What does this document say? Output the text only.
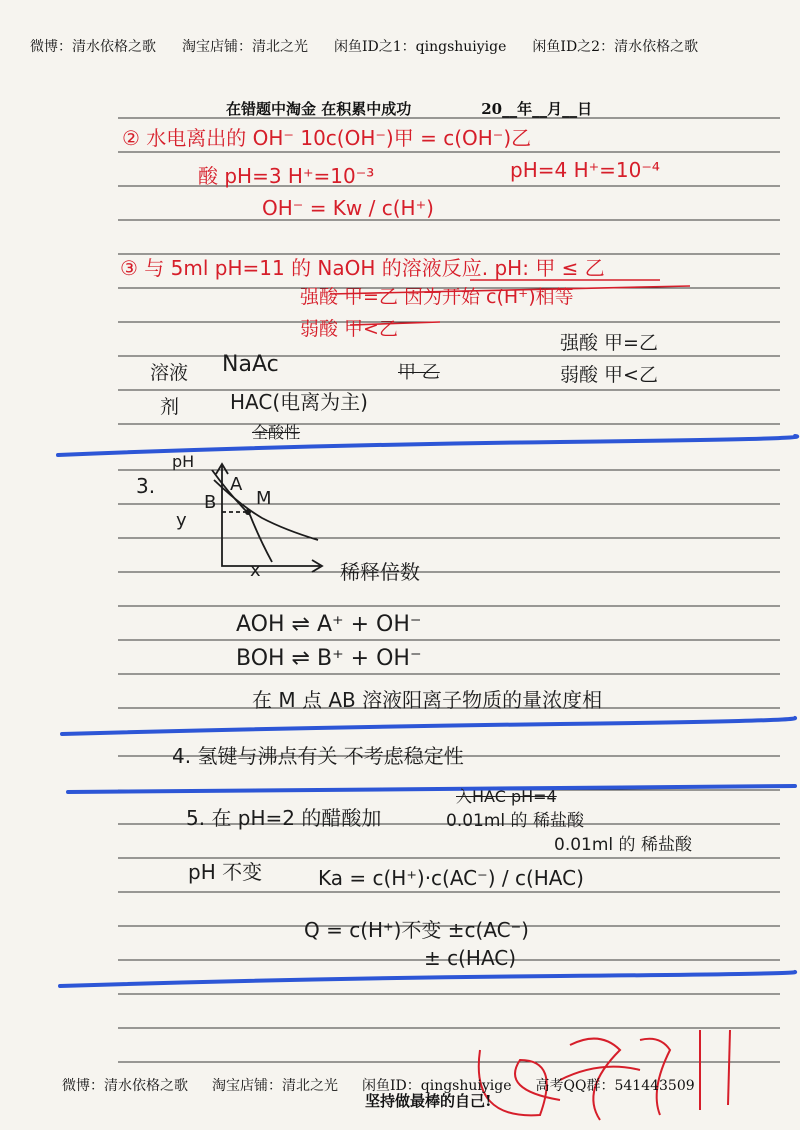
微博：清水依格之歌 淘宝店铺：清北之光 闲鱼ID之1：qingshuiyige 闲鱼ID之2：清水依格之歌
在错题中淘金 在积累中成功	20__年__月__日
② 水电离出的 OH⁻ 10c(OH⁻)甲 = c(OH⁻)乙
酸 pH=3 H⁺=10⁻³	pH=4 H⁺=10⁻⁴
OH⁻ = Kw / c(H⁺)
③ 与 5ml pH=11 的 NaOH 的溶液反应. pH: 甲 ≤ 乙
强酸 甲=乙 因为开始 c(H⁺)相等
弱酸 甲<乙
强酸 甲=乙
弱酸 甲<乙
溶液
剂
NaAc
HAC(电离为主)
甲 乙
全酸性
3.
pH
A
B M
y
x	稀释倍数
AOH ⇌ A⁺ + OH⁻
BOH ⇌ B⁺ + OH⁻
在 M 点 AB 溶液阳离子物质的量浓度相
4. 氢键与沸点有关 不考虑稳定性
5. 在 pH=2 的醋酸加
入HAC pH=4
0.01ml 的 稀盐酸
0.01ml 的 稀盐酸
pH 不变	Ka = c(H⁺)·c(AC⁻) / c(HAC)
Q = c(H⁺)不变 ±c(AC⁻)
± c(HAC)
微博：清水依格之歌 淘宝店铺：清北之光 闲鱼ID：qingshuiyige 高考QQ群：541443509
坚持做最棒的自己!
